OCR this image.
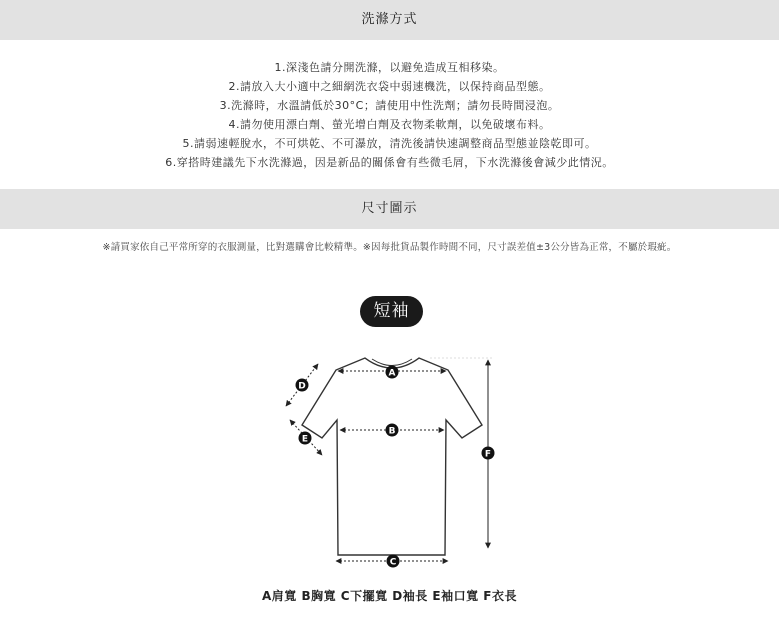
洗滌方式
1.深淺色請分開洗滌，以避免造成互相移染。
2.請放入大小適中之細網洗衣袋中弱速機洗，以保持商品型態。
3.洗滌時，水溫請低於30°C；請使用中性洗劑；請勿長時間浸泡。
4.請勿使用漂白劑、螢光增白劑及衣物柔軟劑，以免破壞布料。
5.請弱速輕脫水，不可烘乾、不可瀑放，清洗後請快速調整商品型態並陰乾即可。
6.穿搭時建議先下水洗滌過，因是新品的關係會有些微毛屑，下水洗滌後會減少此情況。
尺寸圖示
※請買家依自己平常所穿的衣服測量，比對選購會比較精準。※因每批貨品製作時間不同，尺寸誤差值±3公分皆為正常，不屬於瑕疵。
短袖
A
B
C
D
E
F
A肩寬 B胸寬 C下擺寬 D袖長 E袖口寬 F衣長
